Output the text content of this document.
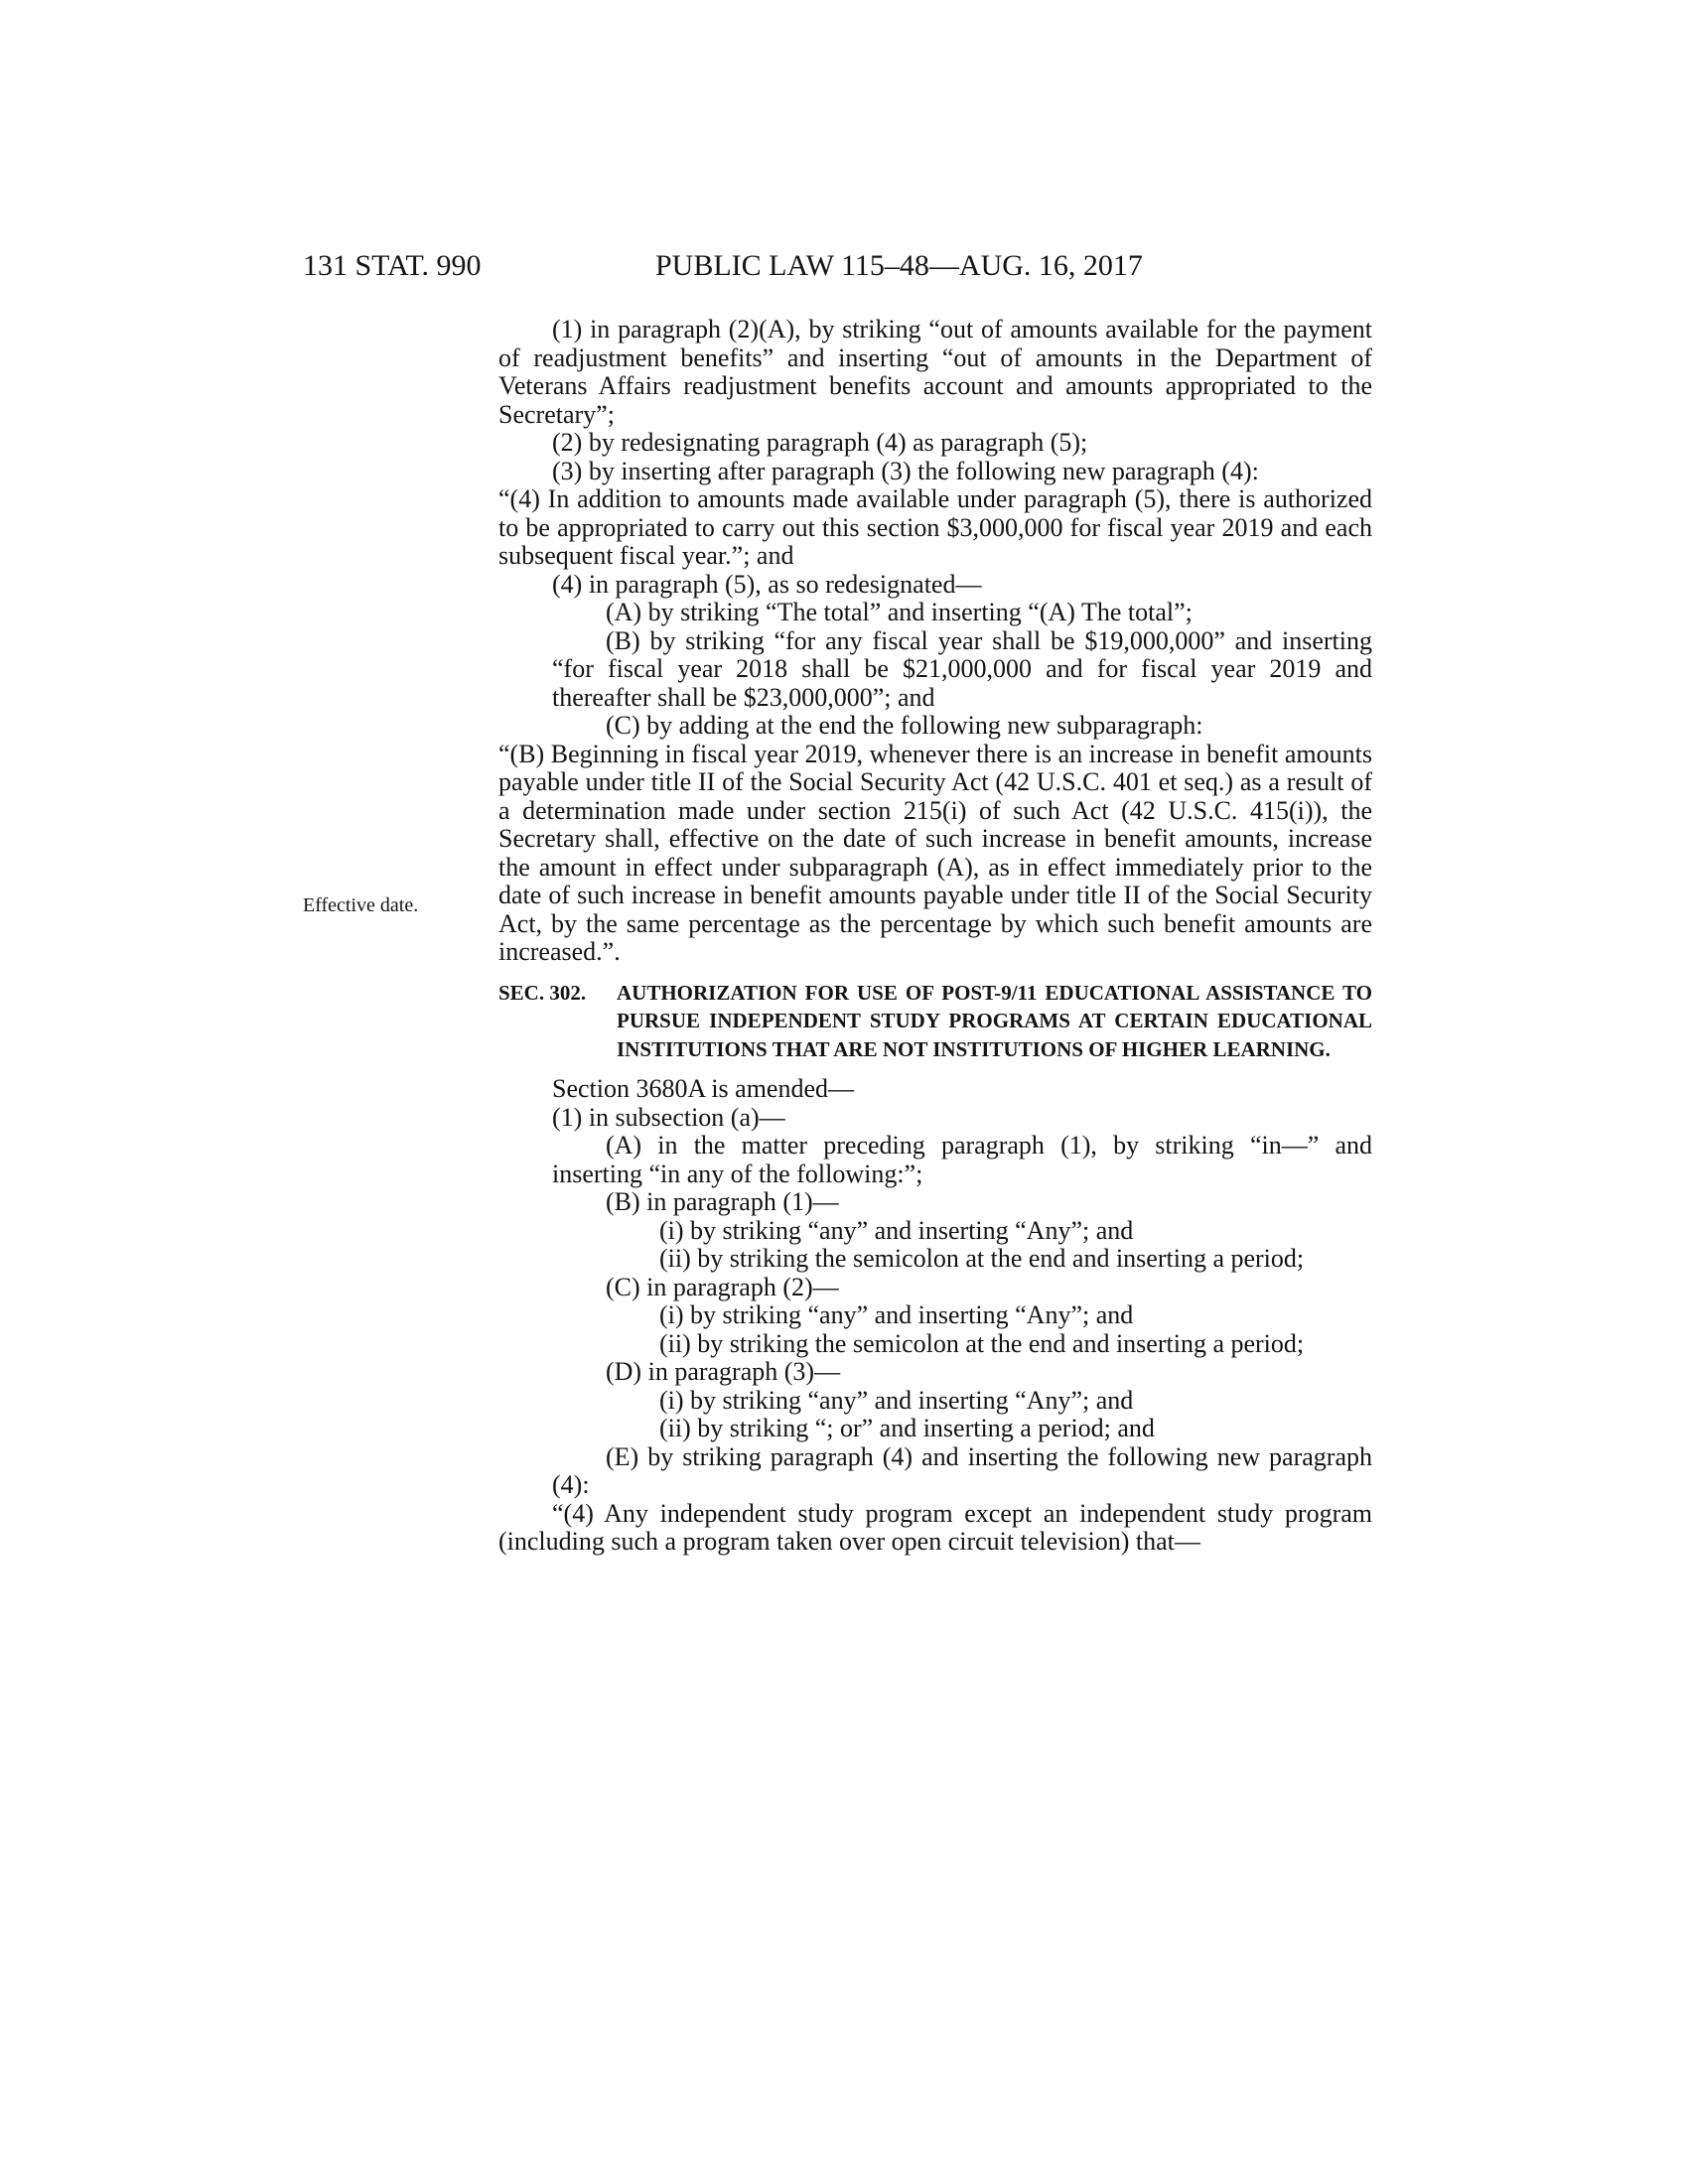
131 STAT. 990	PUBLIC LAW 115–48—AUG. 16, 2017
Effective date.

(1) in paragraph (2)(A), by striking “out of amounts available for the payment of readjustment benefits” and inserting “out of amounts in the Department of Veterans Affairs readjustment benefits account and amounts appropriated to the Secretary”;

(2) by redesignating paragraph (4) as paragraph (5);

(3) by inserting after paragraph (3) the following new paragraph (4):

“(4) In addition to amounts made available under paragraph (5), there is authorized to be appropriated to carry out this section $3,000,000 for fiscal year 2019 and each subsequent fiscal year.”; and

(4) in paragraph (5), as so redesignated—

(A) by striking “The total” and inserting “(A) The total”;

(B) by striking “for any fiscal year shall be $19,000,000” and inserting “for fiscal year 2018 shall be $21,000,000 and for fiscal year 2019 and thereafter shall be $23,000,000”; and

(C) by adding at the end the following new subparagraph:

“(B) Beginning in fiscal year 2019, whenever there is an increase in benefit amounts payable under title II of the Social Security Act (42 U.S.C. 401 et seq.) as a result of a determination made under section 215(i) of such Act (42 U.S.C. 415(i)), the Secretary shall, effective on the date of such increase in benefit amounts, increase the amount in effect under subparagraph (A), as in effect immediately prior to the date of such increase in benefit amounts payable under title II of the Social Security Act, by the same percentage as the percentage by which such benefit amounts are increased.”.

SEC. 302. AUTHORIZATION FOR USE OF POST-9/11 EDUCATIONAL ASSISTANCE TO PURSUE INDEPENDENT STUDY PROGRAMS AT CERTAIN EDUCATIONAL INSTITUTIONS THAT ARE NOT INSTITUTIONS OF HIGHER LEARNING.

Section 3680A is amended—

(1) in subsection (a)—

(A) in the matter preceding paragraph (1), by striking “in—” and inserting “in any of the following:”;

(B) in paragraph (1)—

(i) by striking “any” and inserting “Any”; and

(ii) by striking the semicolon at the end and inserting a period;

(C) in paragraph (2)—

(i) by striking “any” and inserting “Any”; and

(ii) by striking the semicolon at the end and inserting a period;

(D) in paragraph (3)—

(i) by striking “any” and inserting “Any”; and

(ii) by striking “; or” and inserting a period; and

(E) by striking paragraph (4) and inserting the following new paragraph (4):

“(4) Any independent study program except an independent study program (including such a program taken over open circuit television) that—
